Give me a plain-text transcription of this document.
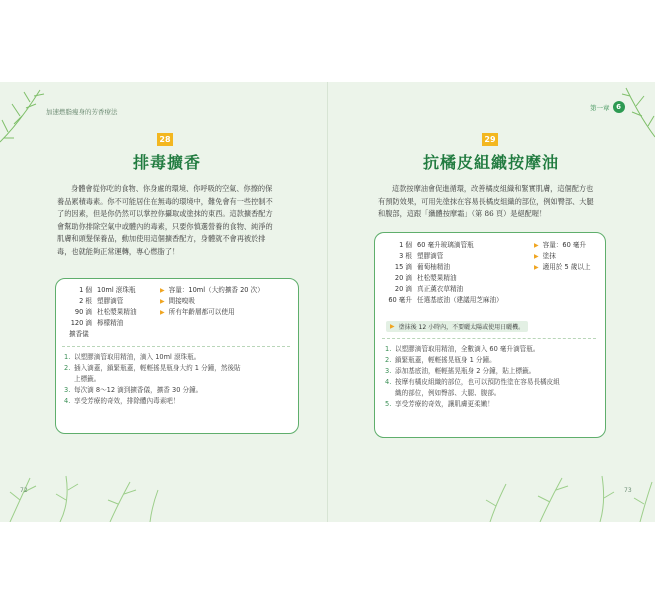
加速燃脂瘦身的芳香療法
28
排毒擴香
身體會從你吃的食物、你身處的環境、你呼吸的空氣、你擦的保
養品累積毒素。你不可能居住在無毒的環境中，難免會有一些控制不
了的因素，但是你仍然可以掌控你攝取或塗抹的東西。這款擴香配方
會幫助你排除空氣中或體內的毒素，只要你慎選營養的食物、純淨的
肌膚和頭髮保養品，動加使用這個擴香配方，身體就不會再被於排
毒，也就能夠正常運轉，專心燃脂了！
1 個 10ml 滾珠瓶
2 根 塑膠滴管
90 滴 杜松漿果精油
120 滴 檸檬精油
擴香儀
▶ 容量：10ml（大約擴香 20 次）
▶ 間接嗅吸
▶ 所有年齡層都可以使用
1. 以塑膠滴管取用精油，滴入 10ml 滾珠瓶。
2. 插入滴蓋，鎖緊瓶蓋，輕輕搖晃瓶身大約 1 分鐘，然後貼
上標籤。
3. 每次滴 8～12 滴到擴香儀，擴香 30 分鐘。
4. 享受芳療的奇效，排除體內毒素吧！
72
第一章 6
29
抗橘皮組織按摩油
這款按摩油會促進循環，改善橘皮組織和緊實肌膚，這個配方也
有預防效果，可用先塗抹在容易長橘皮組織的部位，例如臀部、大腿
和腹部，這跟「纖體按摩霜」（第 86 頁）是絕配喔！
1 個 60 毫升玻璃滴管瓶
3 根 塑膠滴管
15 滴 葡萄柚精油
20 滴 杜松漿果精油
20 滴 真正薰衣草精油
60 毫升 任選基底油（建議用芝麻油）
▶ 容量：60 毫升
▶ 塗抹
▶ 適用於 5 歲以上
▶ 塗抹後 12 小時內，不要曬太陽或使用日曬機。
1. 以塑膠滴管取用精油，全數滴入 60 毫升滴管瓶。
2. 鎖緊瓶蓋，輕輕搖晃瓶身 1 分鐘。
3. 添加基底油，輕輕搖晃瓶身 2 分鐘，貼上標籤。
4. 按摩有橘皮組織的部位，也可以預防性塗在容易長橘皮組
織的部位，例如臀部、大腿、腹部。
5. 享受芳療的奇效，讓肌膚更柔嫩！
73
